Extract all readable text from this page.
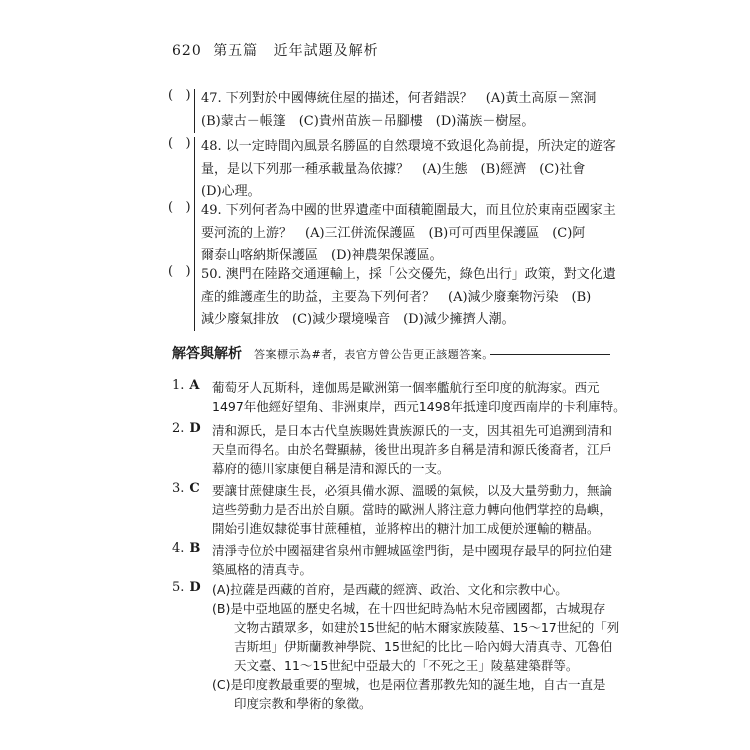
620 第五篇 近年試題及解析
(   ) 47. 下列對於中國傳統住屋的描述，何者錯誤？　(A)黃土高原－窯洞
(B)蒙古－帳篷　(C)貴州苗族－吊腳樓　(D)滿族－樹屋。
(   ) 48. 以一定時間內風景名勝區的自然環境不致退化為前提，所決定的遊客
量，是以下列那一種承載量為依據？　(A)生態　(B)經濟　(C)社會
(D)心理。
(   ) 49. 下列何者為中國的世界遺產中面積範圍最大，而且位於東南亞國家主
要河流的上游？　(A)三江併流保護區　(B)可可西里保護區　(C)阿
爾泰山喀納斯保護區　(D)神農架保護區。
(   ) 50. 澳門在陸路交通運輸上，採「公交優先，綠色出行」政策，對文化遺
產的維護產生的助益，主要為下列何者？　(A)減少廢棄物污染　(B)
減少廢氣排放　(C)減少環境噪音　(D)減少擁擠人潮。
解答與解析 答案標示為#者，表官方曾公告更正該題答案。
1. A 葡萄牙人瓦斯科，達伽馬是歐洲第一個率艦航行至印度的航海家。西元
1497年他經好望角、非洲東岸，西元1498年抵達印度西南岸的卡利庫特。
2. D 清和源氏，是日本古代皇族賜姓貴族源氏的一支，因其祖先可追溯到清和
天皇而得名。由於名聲顯赫，後世出現許多自稱是清和源氏後裔者，江戶
幕府的德川家康便自稱是清和源氏的一支。
3. C 要讓甘蔗健康生長，必須具備水源、溫暖的氣候，以及大量勞動力，無論
這些勞動力是否出於自願。當時的歐洲人將注意力轉向他們掌控的島嶼，
開始引進奴隸從事甘蔗種植，並將榨出的糖汁加工成便於運輸的糖晶。
4. B 清淨寺位於中國福建省泉州市鯉城區塗門街，是中國現存最早的阿拉伯建
築風格的清真寺。
5. D (A)拉薩是西藏的首府，是西藏的經濟、政治、文化和宗教中心。
(B)是中亞地區的歷史名城，在十四世紀時為帖木兒帝國國都，古城現存
文物古蹟眾多，如建於15世紀的帖木爾家族陵墓、15～17世紀的「列
吉斯坦」伊斯蘭教神學院、15世紀的比比－哈內姆大清真寺、兀魯伯
天文臺、11～15世紀中亞最大的「不死之王」陵墓建築群等。
(C)是印度教最重要的聖城，也是兩位耆那教先知的誕生地，自古一直是
印度宗教和學術的象徵。
